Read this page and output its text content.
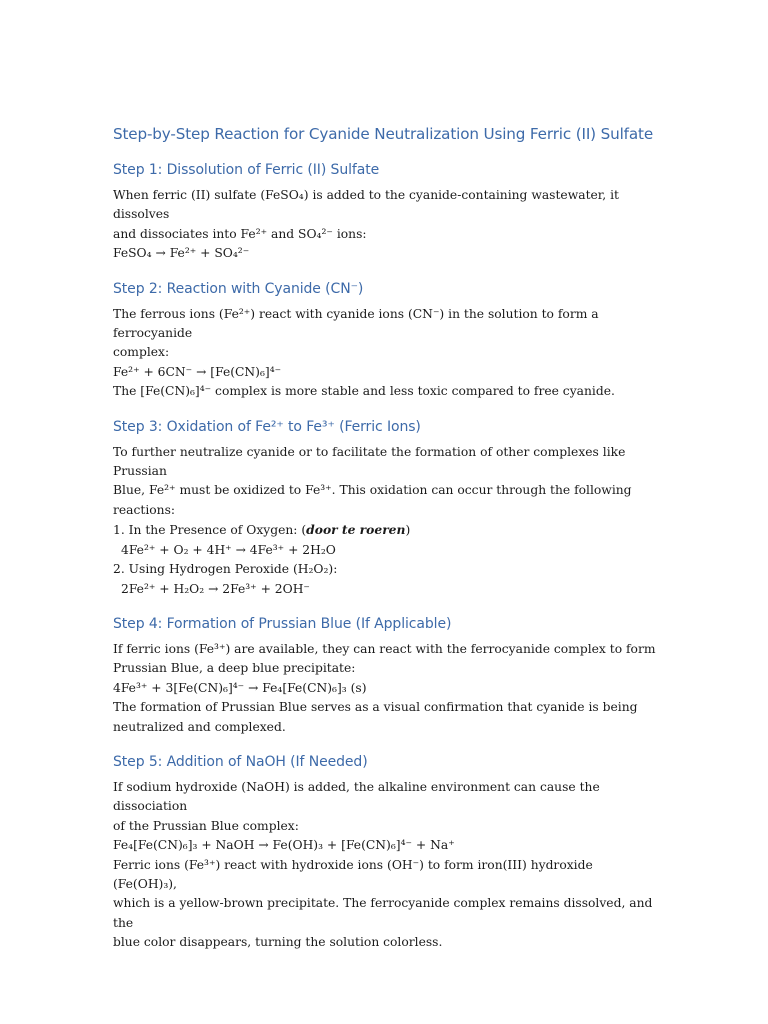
Step-by-Step Reaction for Cyanide Neutralization Using Ferric (II) Sulfate
Step 1: Dissolution of Ferric (II) Sulfate

When ferric (II) sulfate (FeSO₄) is added to the cyanide-containing wastewater, it dissolves

and dissociates into Fe²⁺ and SO₄²⁻ ions:

FeSO₄ → Fe²⁺ + SO₄²⁻

Step 2: Reaction with Cyanide (CN⁻)

The ferrous ions (Fe²⁺) react with cyanide ions (CN⁻) in the solution to form a ferrocyanide

complex:

Fe²⁺ + 6CN⁻ → [Fe(CN)₆]⁴⁻

The [Fe(CN)₆]⁴⁻ complex is more stable and less toxic compared to free cyanide.

Step 3: Oxidation of Fe²⁺ to Fe³⁺ (Ferric Ions)

To further neutralize cyanide or to facilitate the formation of other complexes like Prussian

Blue, Fe²⁺ must be oxidized to Fe³⁺. This oxidation can occur through the following

reactions:

1. In the Presence of Oxygen: (door te roeren)

4Fe²⁺ + O₂ + 4H⁺ → 4Fe³⁺ + 2H₂O

2. Using Hydrogen Peroxide (H₂O₂):

2Fe²⁺ + H₂O₂ → 2Fe³⁺ + 2OH⁻

Step 4: Formation of Prussian Blue (If Applicable)

If ferric ions (Fe³⁺) are available, they can react with the ferrocyanide complex to form

Prussian Blue, a deep blue precipitate:

4Fe³⁺ + 3[Fe(CN)₆]⁴⁻ → Fe₄[Fe(CN)₆]₃ (s)

The formation of Prussian Blue serves as a visual confirmation that cyanide is being

neutralized and complexed.

Step 5: Addition of NaOH (If Needed)

If sodium hydroxide (NaOH) is added, the alkaline environment can cause the dissociation

of the Prussian Blue complex:

Fe₄[Fe(CN)₆]₃ + NaOH → Fe(OH)₃ + [Fe(CN)₆]⁴⁻ + Na⁺

Ferric ions (Fe³⁺) react with hydroxide ions (OH⁻) to form iron(III) hydroxide (Fe(OH)₃),

which is a yellow-brown precipitate. The ferrocyanide complex remains dissolved, and the

blue color disappears, turning the solution colorless.
